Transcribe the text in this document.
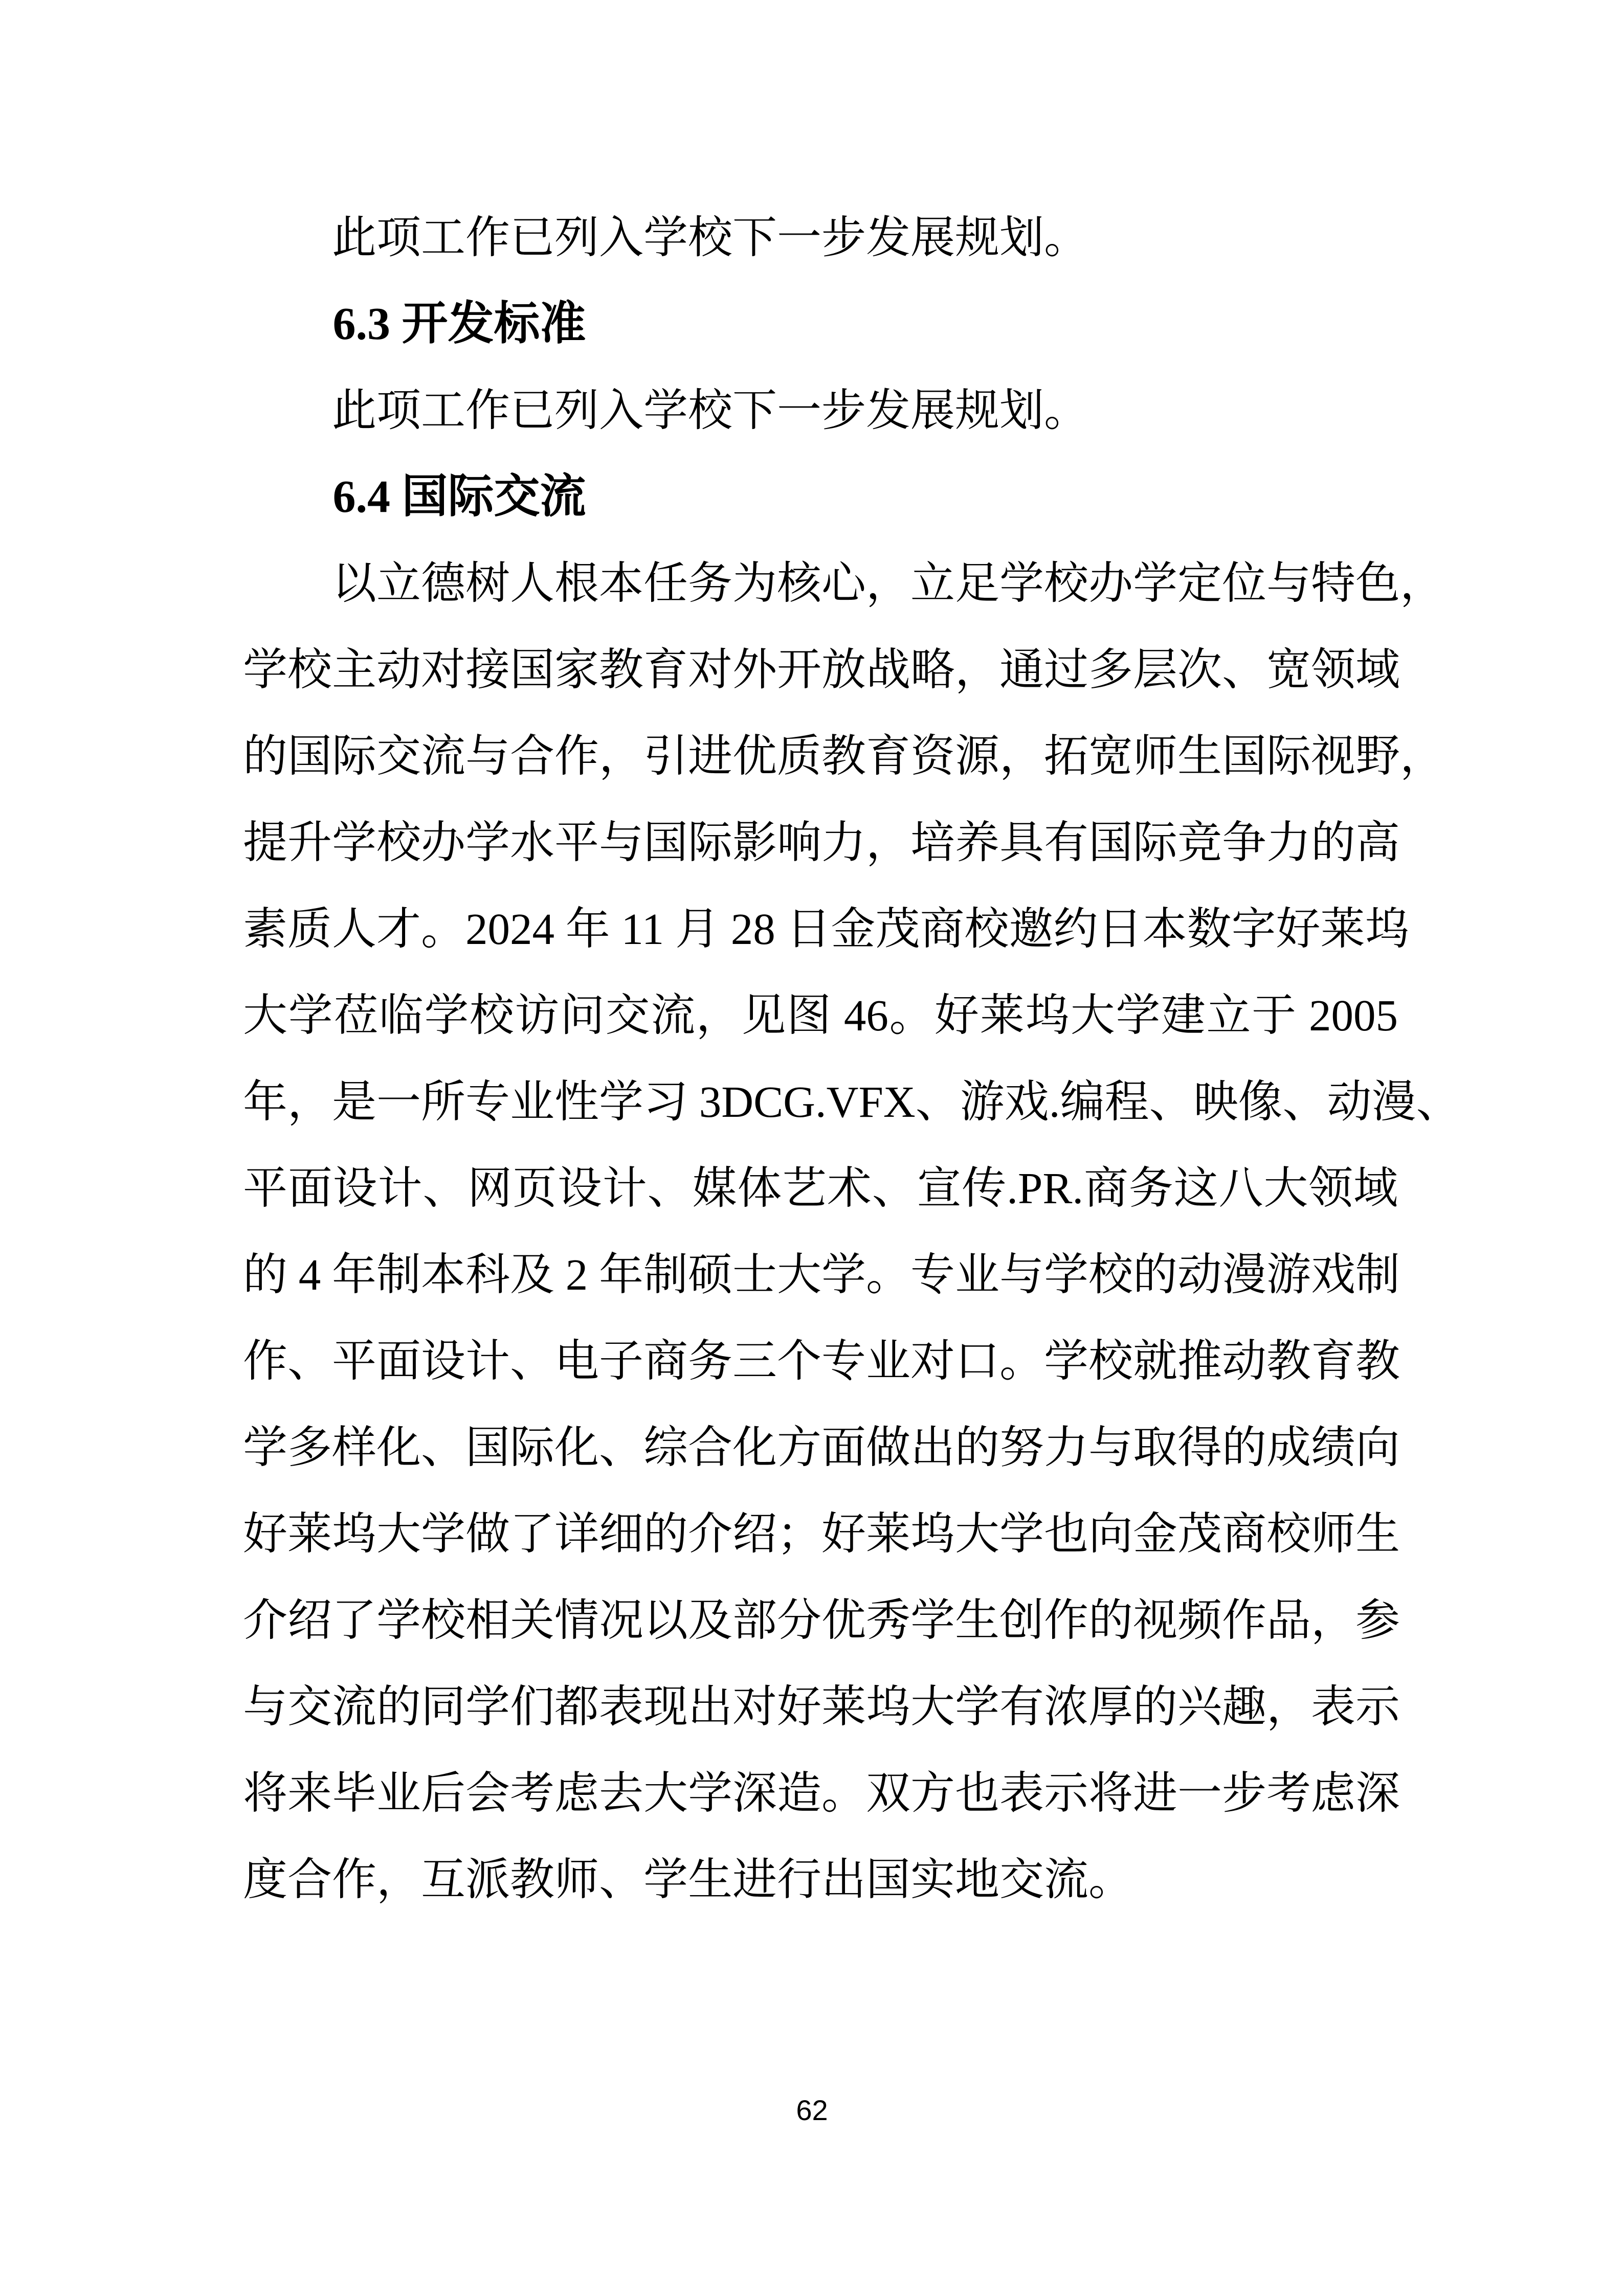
此项工作已列入学校下一步发展规划。
6.3 开发标准
此项工作已列入学校下一步发展规划。
6.4 国际交流
以立德树人根本任务为核心，立足学校办学定位与特色，
学校主动对接国家教育对外开放战略，通过多层次、宽领域
的国际交流与合作，引进优质教育资源，拓宽师生国际视野，
提升学校办学水平与国际影响力，培养具有国际竞争力的高
素质人才。2024 年 11 月 28 日金茂商校邀约日本数字好莱坞
大学莅临学校访问交流，见图 46。好莱坞大学建立于 2005
年，是一所专业性学习 3DCG.VFX、游戏.编程、映像、动漫、
平面设计、网页设计、媒体艺术、宣传.PR.商务这八大领域
的 4 年制本科及 2 年制硕士大学。专业与学校的动漫游戏制
作、平面设计、电子商务三个专业对口。学校就推动教育教
学多样化、国际化、综合化方面做出的努力与取得的成绩向
好莱坞大学做了详细的介绍；好莱坞大学也向金茂商校师生
介绍了学校相关情况以及部分优秀学生创作的视频作品，参
与交流的同学们都表现出对好莱坞大学有浓厚的兴趣，表示
将来毕业后会考虑去大学深造。双方也表示将进一步考虑深
度合作，互派教师、学生进行出国实地交流。
62
